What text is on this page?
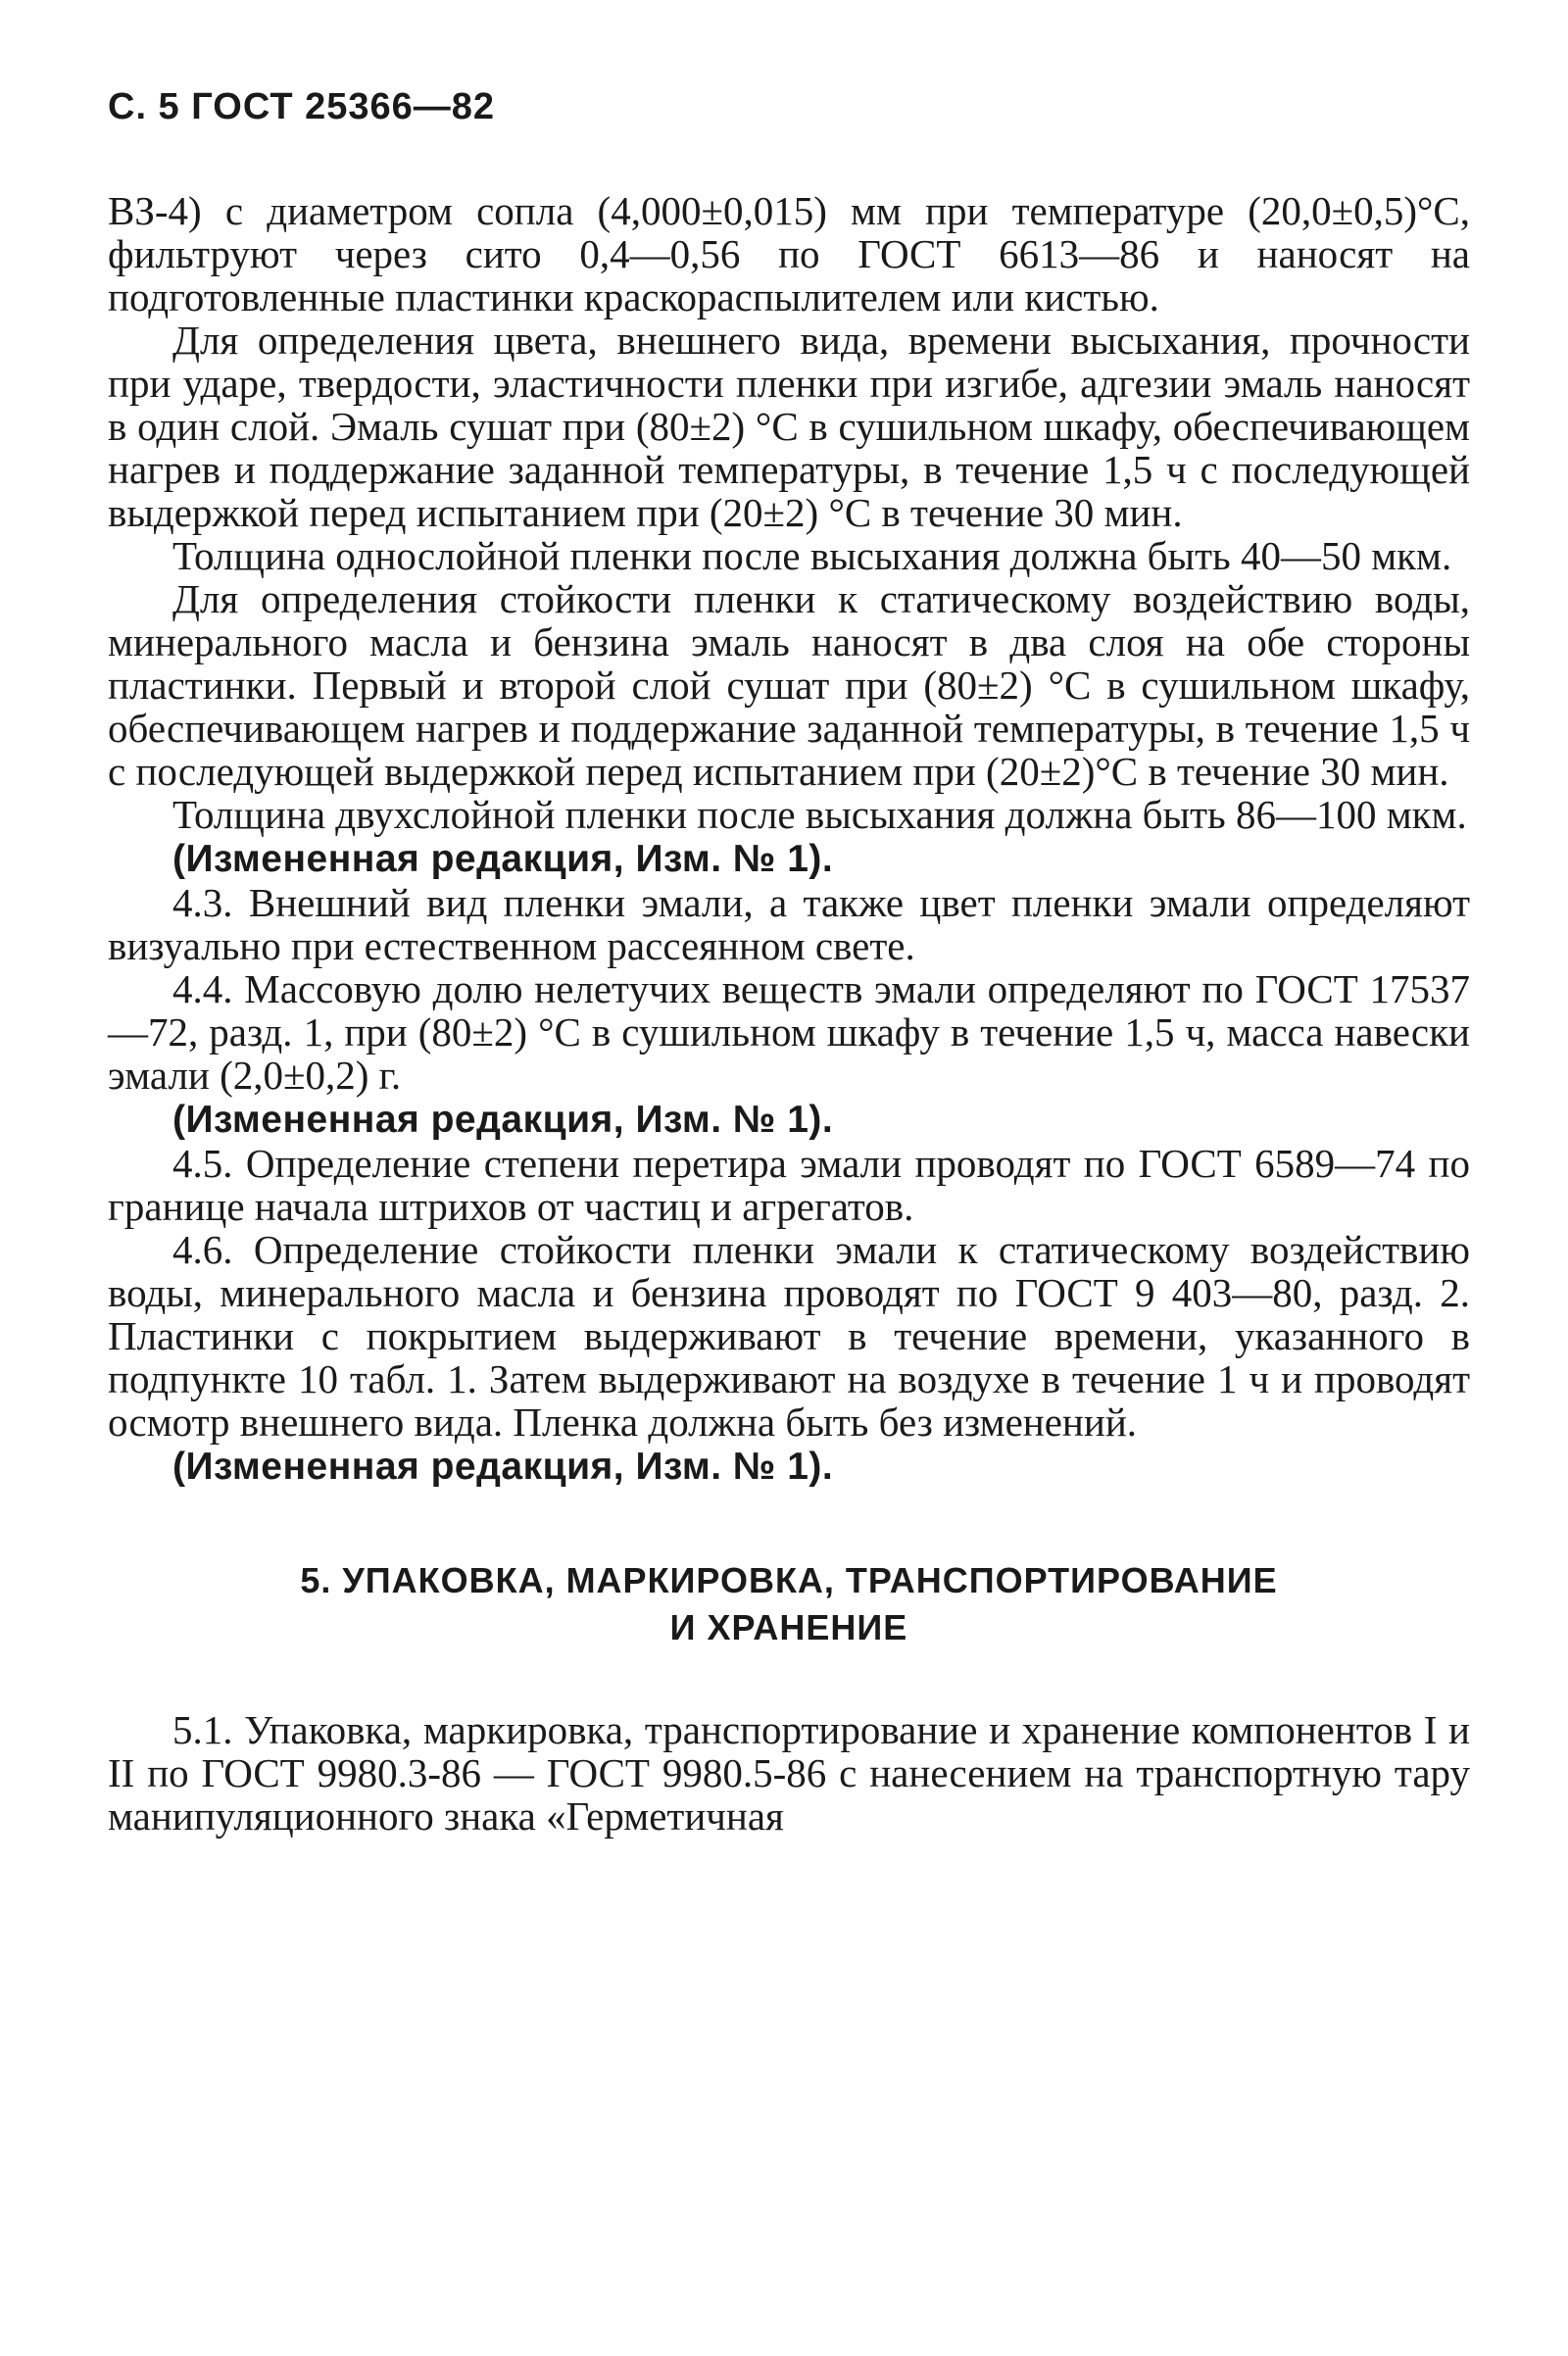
С. 5 ГОСТ 25366—82

ВЗ-4) с диаметром сопла (4,000±0,015) мм при температуре (20,0±0,5)°С, фильтруют через сито 0,4—0,56 по ГОСТ 6613—86 и наносят на подготовленные пластинки краскораспылителем или кистью.

Для определения цвета, внешнего вида, времени высыхания, прочности при ударе, твердости, эластичности пленки при изгибе, адгезии эмаль наносят в один слой. Эмаль сушат при (80±2) °С в сушильном шкафу, обеспечивающем нагрев и поддержание заданной температуры, в течение 1,5 ч с последующей выдержкой перед испытанием при (20±2) °С в течение 30 мин.

Толщина однослойной пленки после высыхания должна быть 40—50 мкм.

Для определения стойкости пленки к статическому воздействию воды, минерального масла и бензина эмаль наносят в два слоя на обе стороны пластинки. Первый и второй слой сушат при (80±2) °С в сушильном шкафу, обеспечивающем нагрев и поддержание заданной температуры, в течение 1,5 ч с последующей выдержкой перед испытанием при (20±2)°С в течение 30 мин.

Толщина двухслойной пленки после высыхания должна быть 86—100 мкм.

(Измененная редакция, Изм. № 1).

4.3. Внешний вид пленки эмали, а также цвет пленки эмали определяют визуально при естественном рассеянном свете.

4.4. Массовую долю нелетучих веществ эмали определяют по ГОСТ 17537—72, разд. 1, при (80±2) °С в сушильном шкафу в течение 1,5 ч, масса навески эмали (2,0±0,2) г.

(Измененная редакция, Изм. № 1).

4.5. Определение степени перетира эмали проводят по ГОСТ 6589—74 по границе начала штрихов от частиц и агрегатов.

4.6. Определение стойкости пленки эмали к статическому воздействию воды, минерального масла и бензина проводят по ГОСТ 9 403—80, разд. 2. Пластинки с покрытием выдерживают в течение времени, указанного в подпункте 10 табл. 1. Затем выдерживают на воздухе в течение 1 ч и проводят осмотр внешнего вида. Пленка должна быть без изменений.

(Измененная редакция, Изм. № 1).

5. УПАКОВКА, МАРКИРОВКА, ТРАНСПОРТИРОВАНИЕ
И ХРАНЕНИЕ

5.1. Упаковка, маркировка, транспортирование и хранение компонентов I и II по ГОСТ 9980.3-86 — ГОСТ 9980.5-86 с нанесением на транспортную тару манипуляционного знака «Герметичная
